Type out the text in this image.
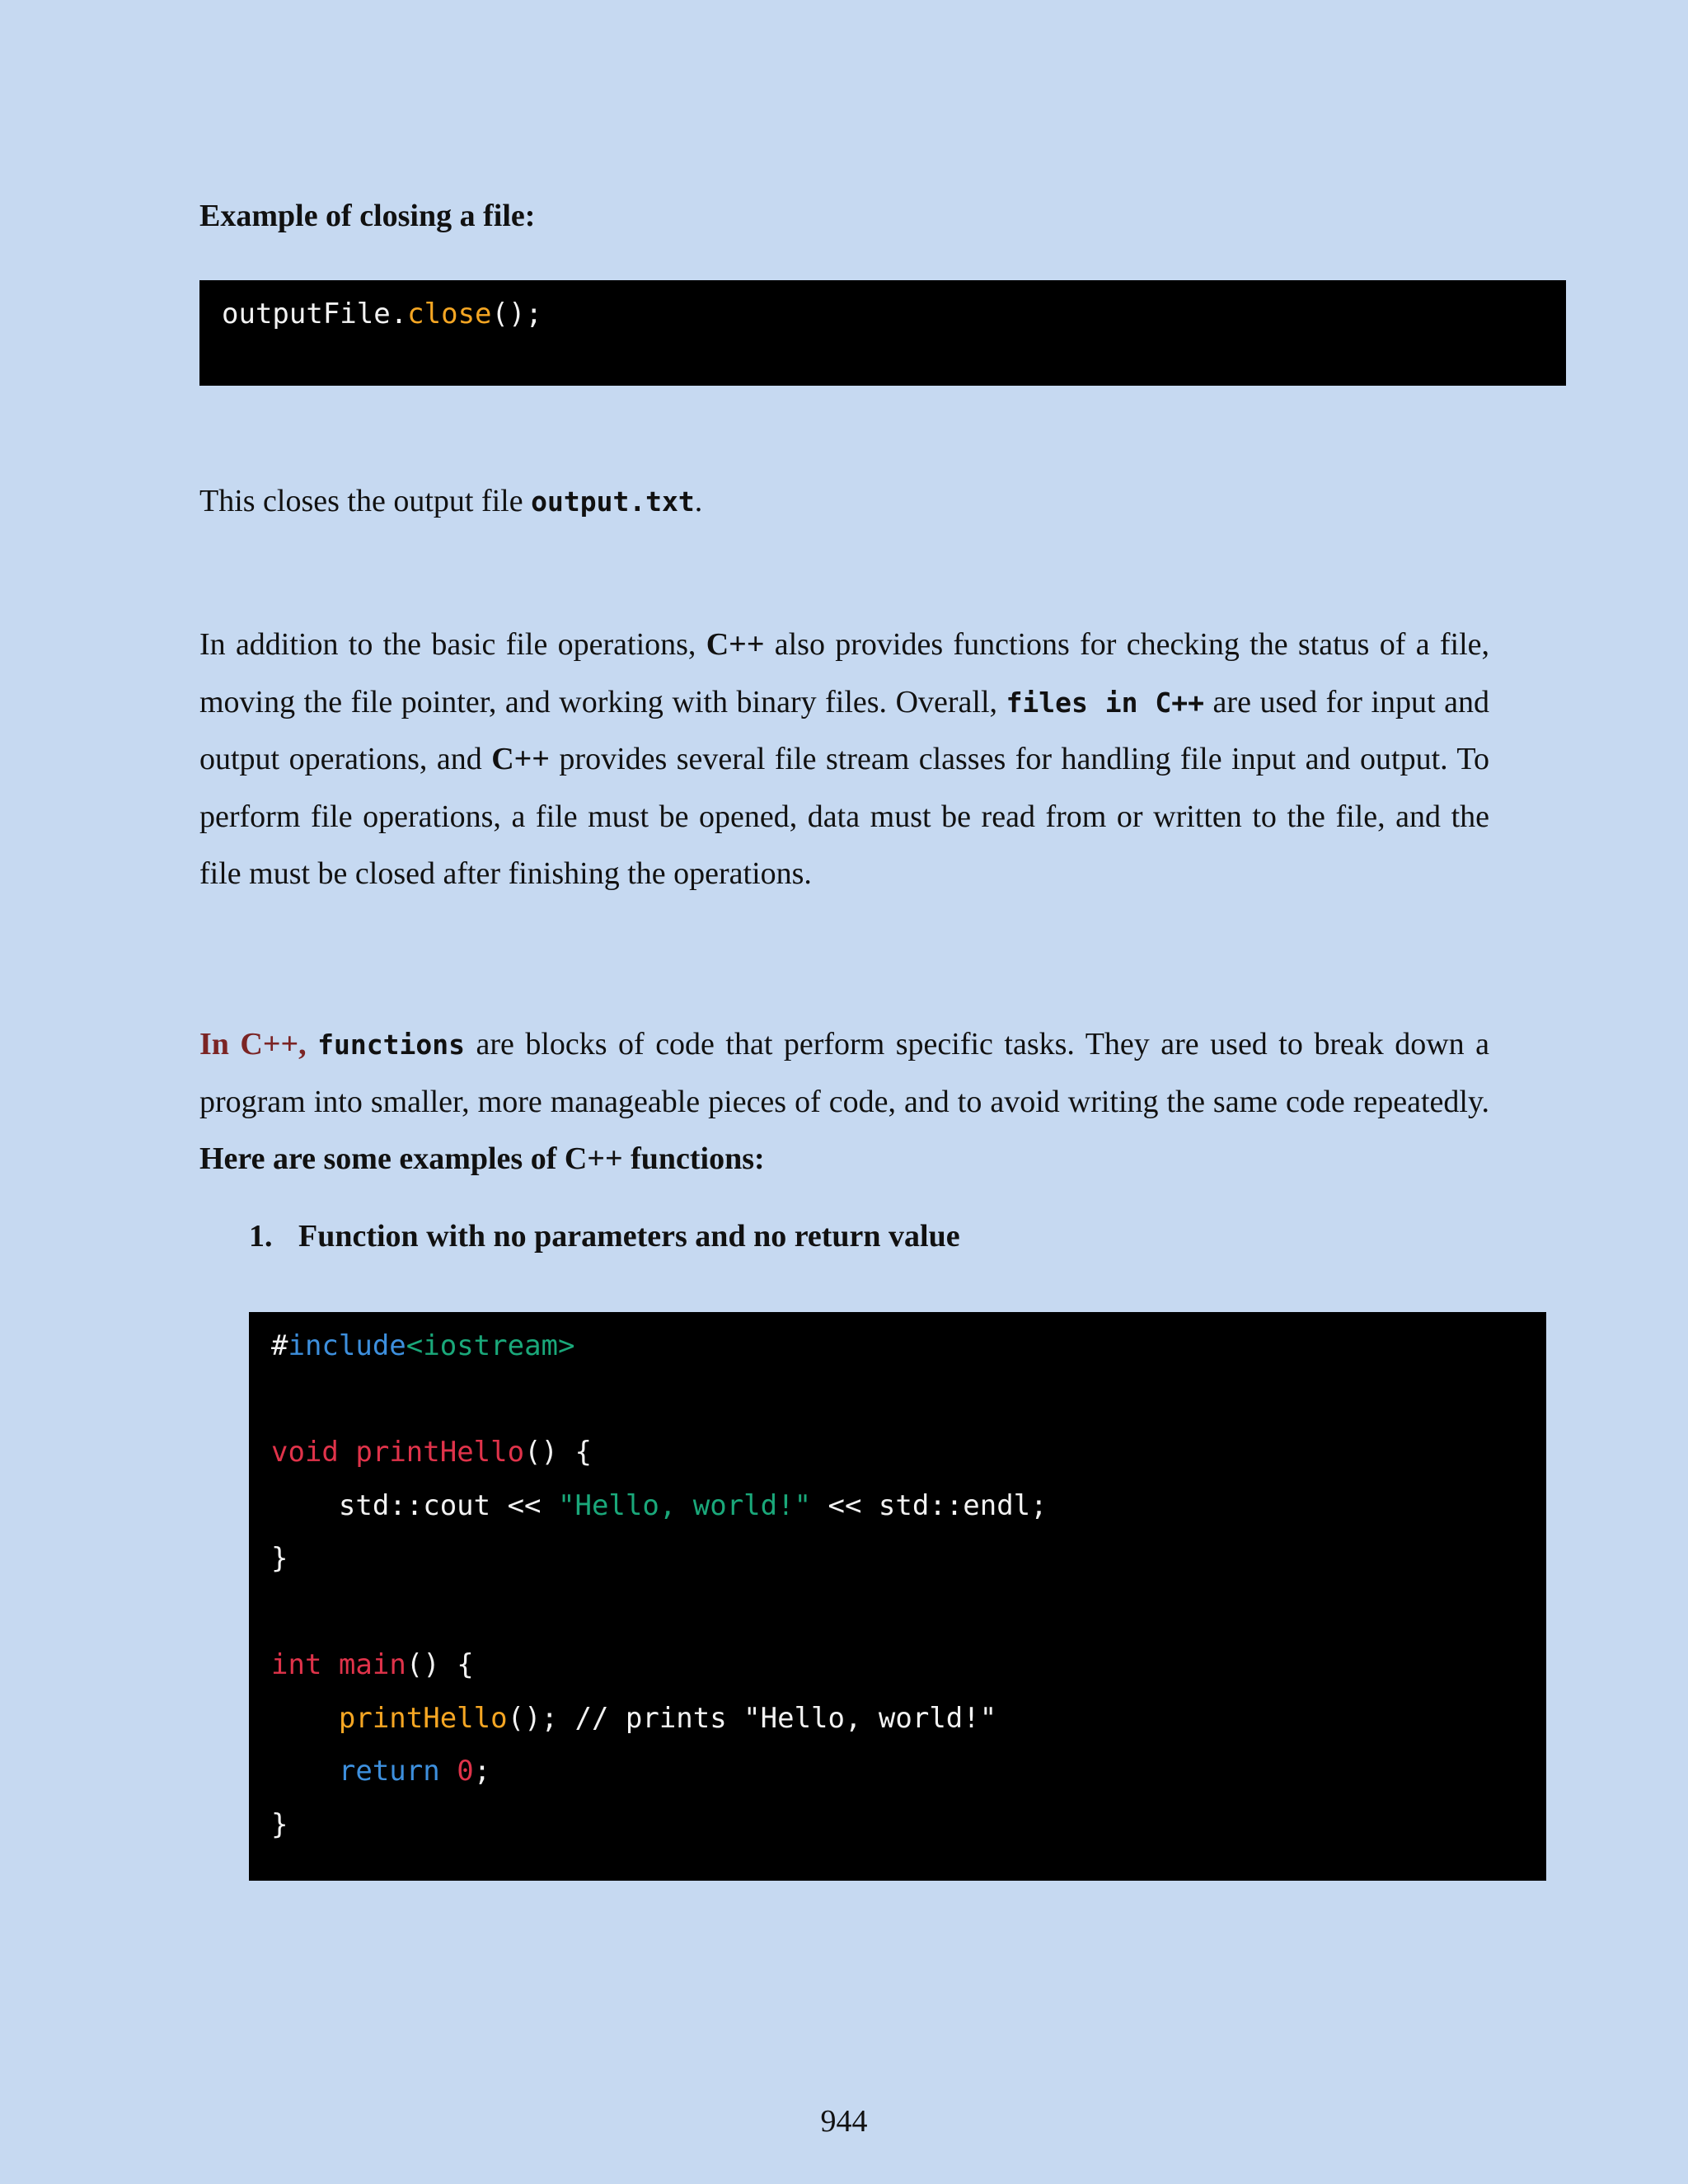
Example of closing a file:

outputFile.close();

This closes the output file output.txt.

In addition to the basic file operations, C++ also provides functions for checking the status of a file, moving the file pointer, and working with binary files. Overall, files in C++ are used for input and output operations, and C++ provides several file stream classes for handling file input and output. To perform file operations, a file must be opened, data must be read from or written to the file, and the file must be closed after finishing the operations.

In C++, functions are blocks of code that perform specific tasks. They are used to break down a program into smaller, more manageable pieces of code, and to avoid writing the same code repeatedly. Here are some examples of C++ functions:

1. Function with no parameters and no return value

#include<iostream>
void printHello() {
std::cout << "Hello, world!" << std::endl;
}
int main() {
printHello(); // prints "Hello, world!"
return 0;
}
944
